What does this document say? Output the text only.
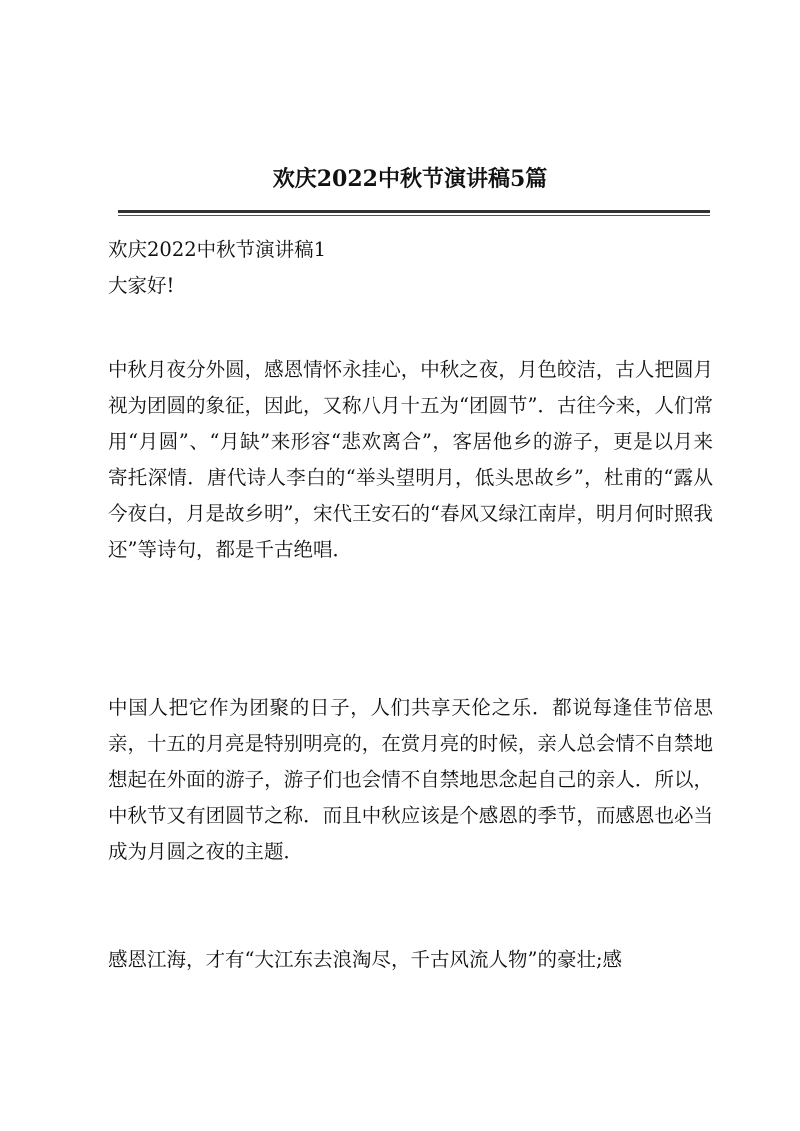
欢庆2022中秋节演讲稿5篇
欢庆2022中秋节演讲稿1
大家好!

中秋月夜分外圆，感恩情怀永挂心，中秋之夜，月色皎洁，古人把圆月视为团圆的象征，因此，又称八月十五为“团圆节”．古往今来，人们常用“月圆”、“月缺”来形容“悲欢离合”，客居他乡的游子，更是以月来寄托深情．唐代诗人李白的“举头望明月，低头思故乡”，杜甫的“露从今夜白，月是故乡明”，宋代王安石的“春风又绿江南岸，明月何时照我还”等诗句，都是千古绝唱．

中国人把它作为团聚的日子，人们共享天伦之乐．都说每逢佳节倍思亲，十五的月亮是特别明亮的，在赏月亮的时候，亲人总会情不自禁地想起在外面的游子，游子们也会情不自禁地思念起自己的亲人．所以，中秋节又有团圆节之称．而且中秋应该是个感恩的季节，而感恩也必当成为月圆之夜的主题．

感恩江海，才有“大江东去浪淘尽，千古风流人物”的豪壮;感
